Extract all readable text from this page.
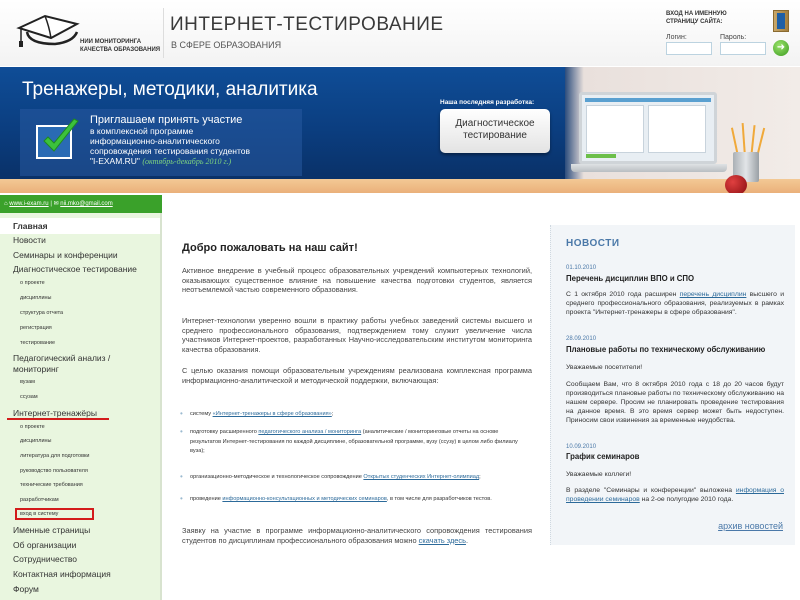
НИИ МОНИТОРИНГА КАЧЕСТВА ОБРАЗОВАНИЯ
ИНТЕРНЕТ-ТЕСТИРОВАНИЕ
В СФЕРЕ ОБРАЗОВАНИЯ
ВХОД НА ИМЕННУЮ СТРАНИЦУ САЙТА:
Логин:	Пароль:
➜
Тренажеры, методики, аналитика
Приглашаем принять участие
в комплексной программе
информационно-аналитического
сопровождения тестирования студентов
"I-EXAM.RU" (октябрь-декабрь 2010 г.)
Наша последняя разработка:
Диагностическое тестирование
⌂ www.i-exam.ru | ✉ nii.mko@gmail.com
Главная
Новости
Семинары и конференции
Диагностическое тестирование
о проекте
дисциплины
структура отчета
регистрация
тестирование
Педагогический анализ /
мониторинг
вузам
ссузам
Интернет-тренажёры
о проекте
дисциплины
литература для подготовки
руководство пользователя
технические требования
разработчикам
вход в систему
Именные страницы
Об организации
Сотрудничество
Контактная информация
Форум
Добро пожаловать на наш сайт!
Активное внедрение в учебный процесс образовательных учреждений компьютерных технологий, оказывающих существенное влияние на повышение качества подготовки студентов, является неотъемлемой частью современного образования.
Интернет-технологии уверенно вошли в практику работы учебных заведений системы высшего и среднего профессионального образования, подтверждением тому служит увеличение числа участников Интернет-проектов, разработанных Научно-исследовательским институтом мониторинга качества образования.
С целью оказания помощи образовательным учреждениям реализована комплексная программа информационно-аналитической и методической поддержки, включающая:
• систему «Интернет-тренажеры в сфере образования»;
• подготовку расширенного педагогического анализа / мониторинга (аналитические / мониторинговые отчеты на основе результатов Интернет-тестирования по каждой дисциплине, образовательной программе, вузу (ссузу) в целом либо филиалу вуза);
• организационно-методическое и технологическое сопровождение Открытых студенческих Интернет-олимпиад;
• проведение информационно-консультационных и методических семинаров, в том числе для разработчиков тестов.
Заявку на участие в программе информационно-аналитического сопровождения тестирования студентов по дисциплинам профессионального образования можно скачать здесь.
НОВОСТИ
01.10.2010
Перечень дисциплин ВПО и СПО
С 1 октября 2010 года расширен перечень дисциплин высшего и среднего профессионального образования, реализуемых в рамках проекта "Интернет-тренажеры в сфере образования".
28.09.2010
Плановые работы по техническому обслуживанию
Уважаемые посетители!
Сообщаем Вам, что 8 октября 2010 года с 18 до 20 часов будут производиться плановые работы по техническому обслуживанию на нашем сервере. Просим не планировать проведение тестирования на данное время. В это время сервер может быть недоступен. Приносим свои извинения за временные неудобства.
10.09.2010
График семинаров
Уважаемые коллеги!
В разделе "Семинары и конференции" выложена информация о проведении семинаров на 2-ое полугодие 2010 года.
архив новостей
